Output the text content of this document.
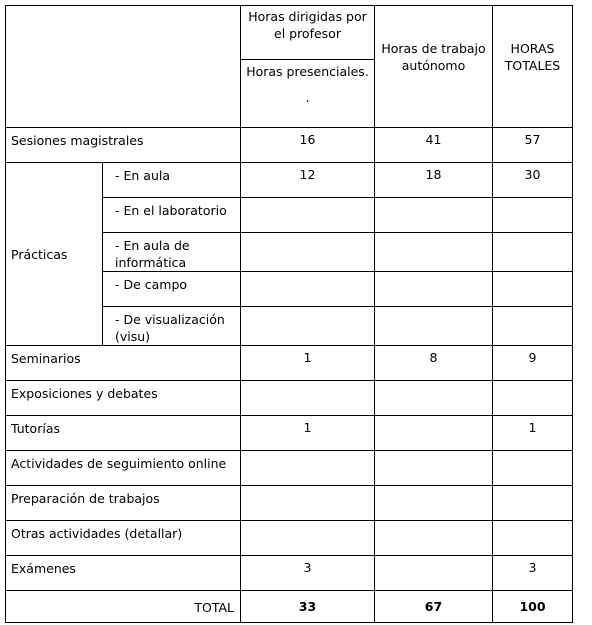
		Horas dirigidas por el profesor	Horas de trabajo autónomo	HORAS TOTALES

		Horas presenciales.
.		

Sesiones magistrales		16	41	57
Prácticas	- En aula	12	18	30
	- En el laboratorio			
	- En aula de informática			
	- De campo			
	- De visualización (visu)			
Seminarios		1	8	9
Exposiciones y debates				
Tutorías		1		1
Actividades de seguimiento online				
Preparación de trabajos				
Otras actividades (detallar)				
Exámenes		3		3
TOTAL		33	67	100
